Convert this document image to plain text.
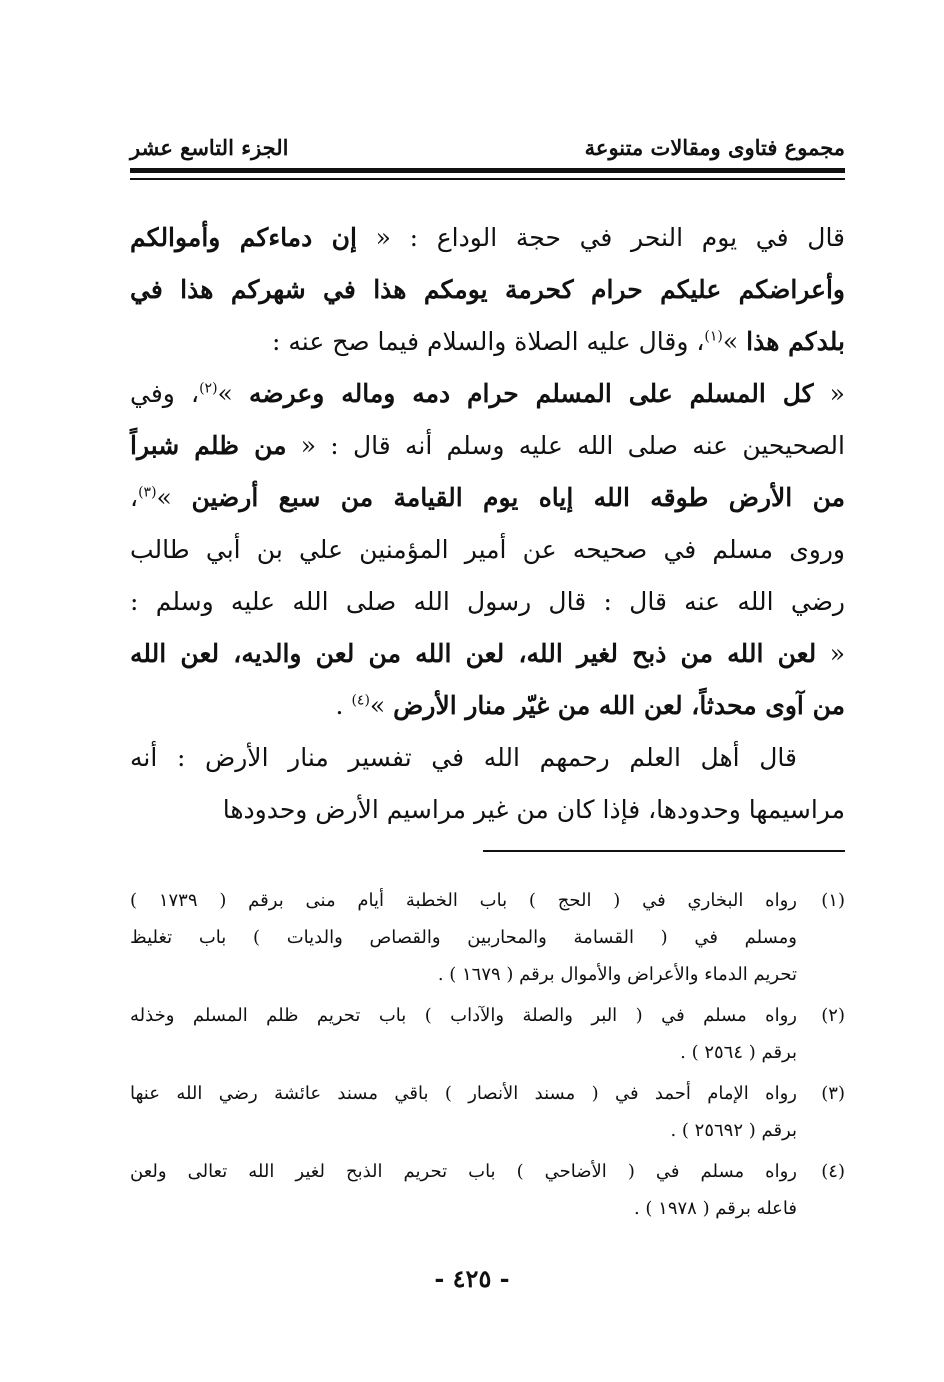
مجموع فتاوى ومقالات متنوعة
الجزء التاسع عشر
قال في يوم النحر في حجة الوداع : « إن دماءكم وأموالكم
وأعراضكم عليكم حرام كحرمة يومكم هذا في شهركم هذا في
بلدكم هذا »$^{(١)}$، وقال عليه الصلاة والسلام فيما صح عنه :
« كل المسلم على المسلم حرام دمه وماله وعرضه »$^{(٢)}$، وفي
الصحيحين عنه صلى الله عليه وسلم أنه قال : « من ظلم شبراً
من الأرض طوقه الله إياه يوم القيامة من سبع أرضين »$^{(٣)}$،
وروى مسلم في صحيحه عن أمير المؤمنين علي بن أبي طالب
رضي الله عنه قال : قال رسول الله صلى الله عليه وسلم :
« لعن الله من ذبح لغير الله، لعن الله من لعن والديه، لعن الله
من آوى محدثاً، لعن الله من غيّر منار الأرض »$^{(٤)}$ .
قال أهل العلم رحمهم الله في تفسير منار الأرض : أنه
مراسيمها وحدودها، فإذا كان من غير مراسيم الأرض وحدودها
(١)
رواه البخاري في ( الحج ) باب الخطبة أيام منى برقم ( ١٧٣٩ )
ومسلم في ( القسامة والمحاربين والقصاص والديات ) باب تغليظ
تحريم الدماء والأعراض والأموال برقم ( ١٦٧٩ ) .
(٢)
رواه مسلم في ( البر والصلة والآداب ) باب تحريم ظلم المسلم وخذله
برقم ( ٢٥٦٤ ) .
(٣)
رواه الإمام أحمد في ( مسند الأنصار ) باقي مسند عائشة رضي الله عنها
برقم ( ٢٥٦٩٢ ) .
(٤)
رواه مسلم في ( الأضاحي ) باب تحريم الذبح لغير الله تعالى ولعن
فاعله برقم ( ١٩٧٨ ) .
- ٤٢٥ -
